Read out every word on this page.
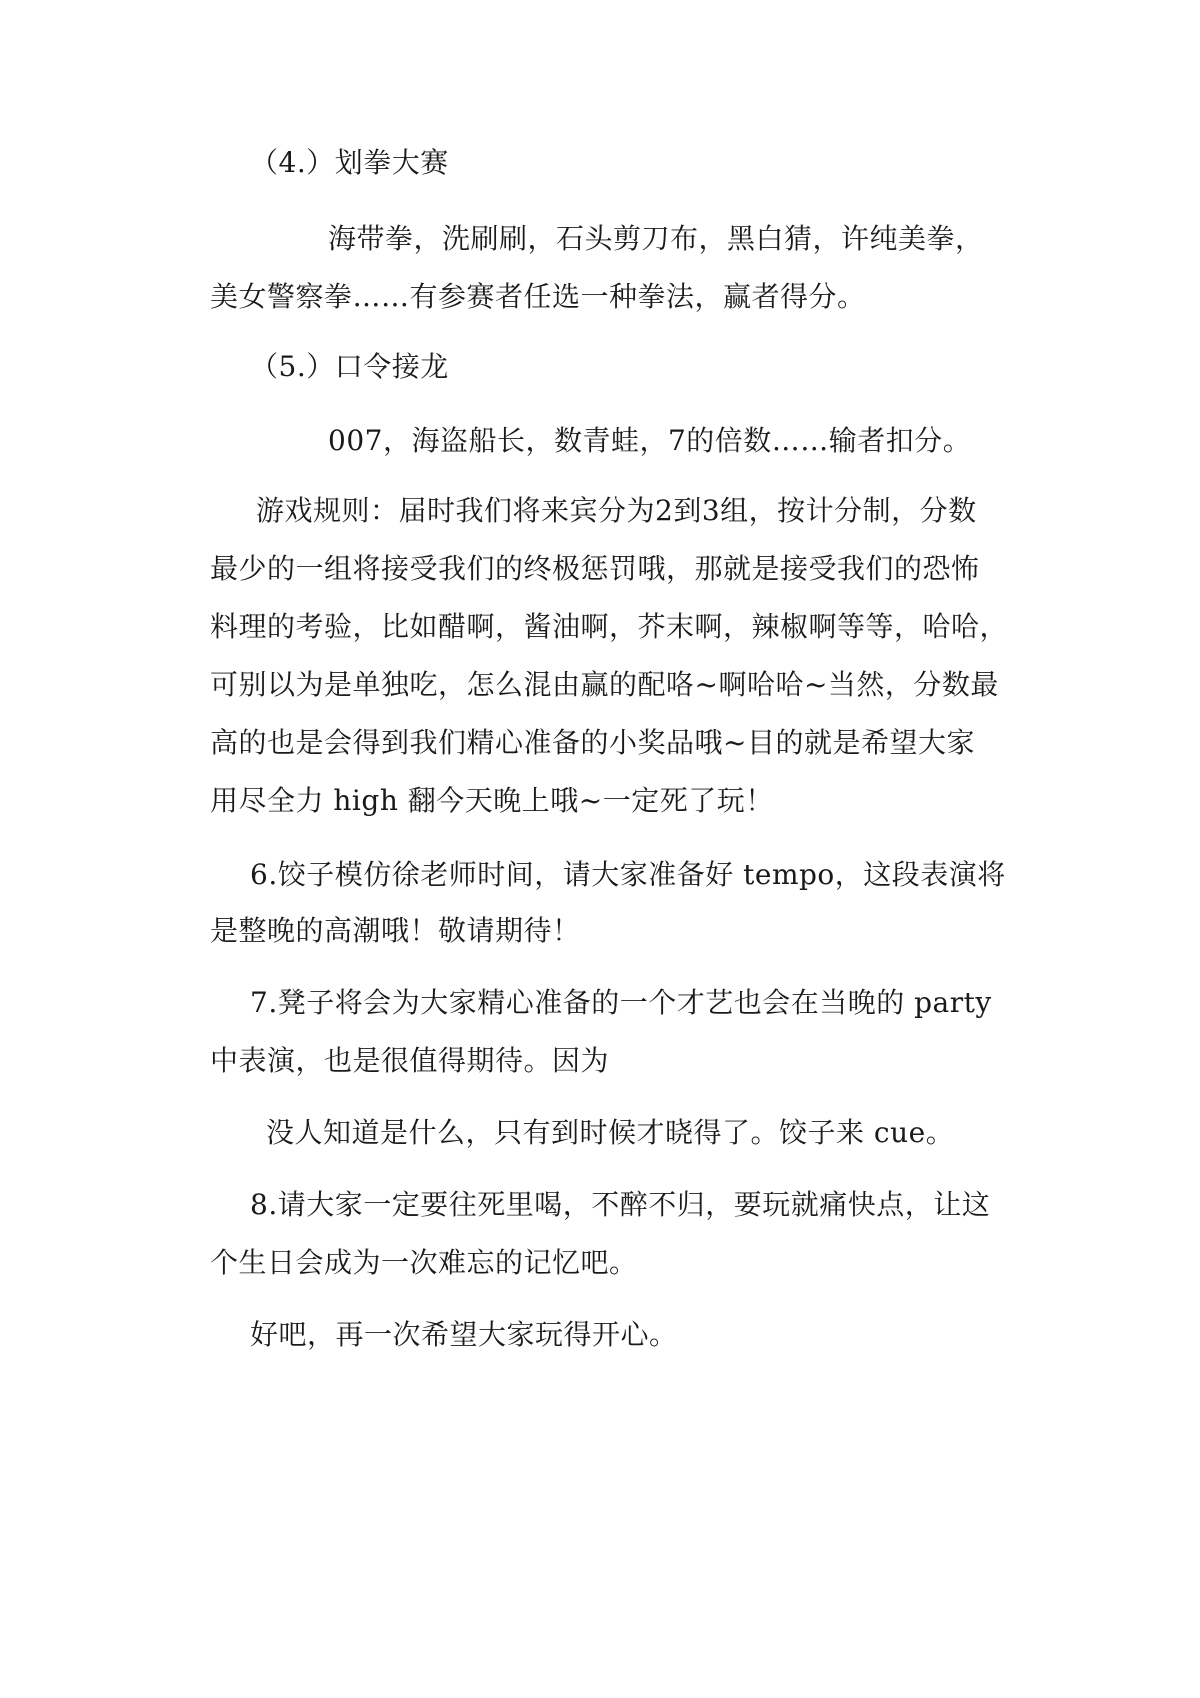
（4.）划拳大赛
海带拳，洗刷刷，石头剪刀布，黑白猜，许纯美拳，
美女警察拳……有参赛者任选一种拳法，赢者得分。
（5.）口令接龙
007，海盗船长，数青蛙，7的倍数……输者扣分。
游戏规则：届时我们将来宾分为2到3组，按计分制，分数
最少的一组将接受我们的终极惩罚哦，那就是接受我们的恐怖
料理的考验，比如醋啊，酱油啊，芥末啊，辣椒啊等等，哈哈，
可别以为是单独吃，怎么混由赢的配咯~啊哈哈~当然，分数最
高的也是会得到我们精心准备的小奖品哦~目的就是希望大家
用尽全力 high 翻今天晚上哦~一定死了玩！
6.饺子模仿徐老师时间，请大家准备好 tempo，这段表演将
是整晚的高潮哦！敬请期待！
7.凳子将会为大家精心准备的一个才艺也会在当晚的 party
中表演，也是很值得期待。因为
没人知道是什么，只有到时候才晓得了。饺子来 cue。
8.请大家一定要往死里喝，不醉不归，要玩就痛快点，让这
个生日会成为一次难忘的记忆吧。
好吧，再一次希望大家玩得开心。
